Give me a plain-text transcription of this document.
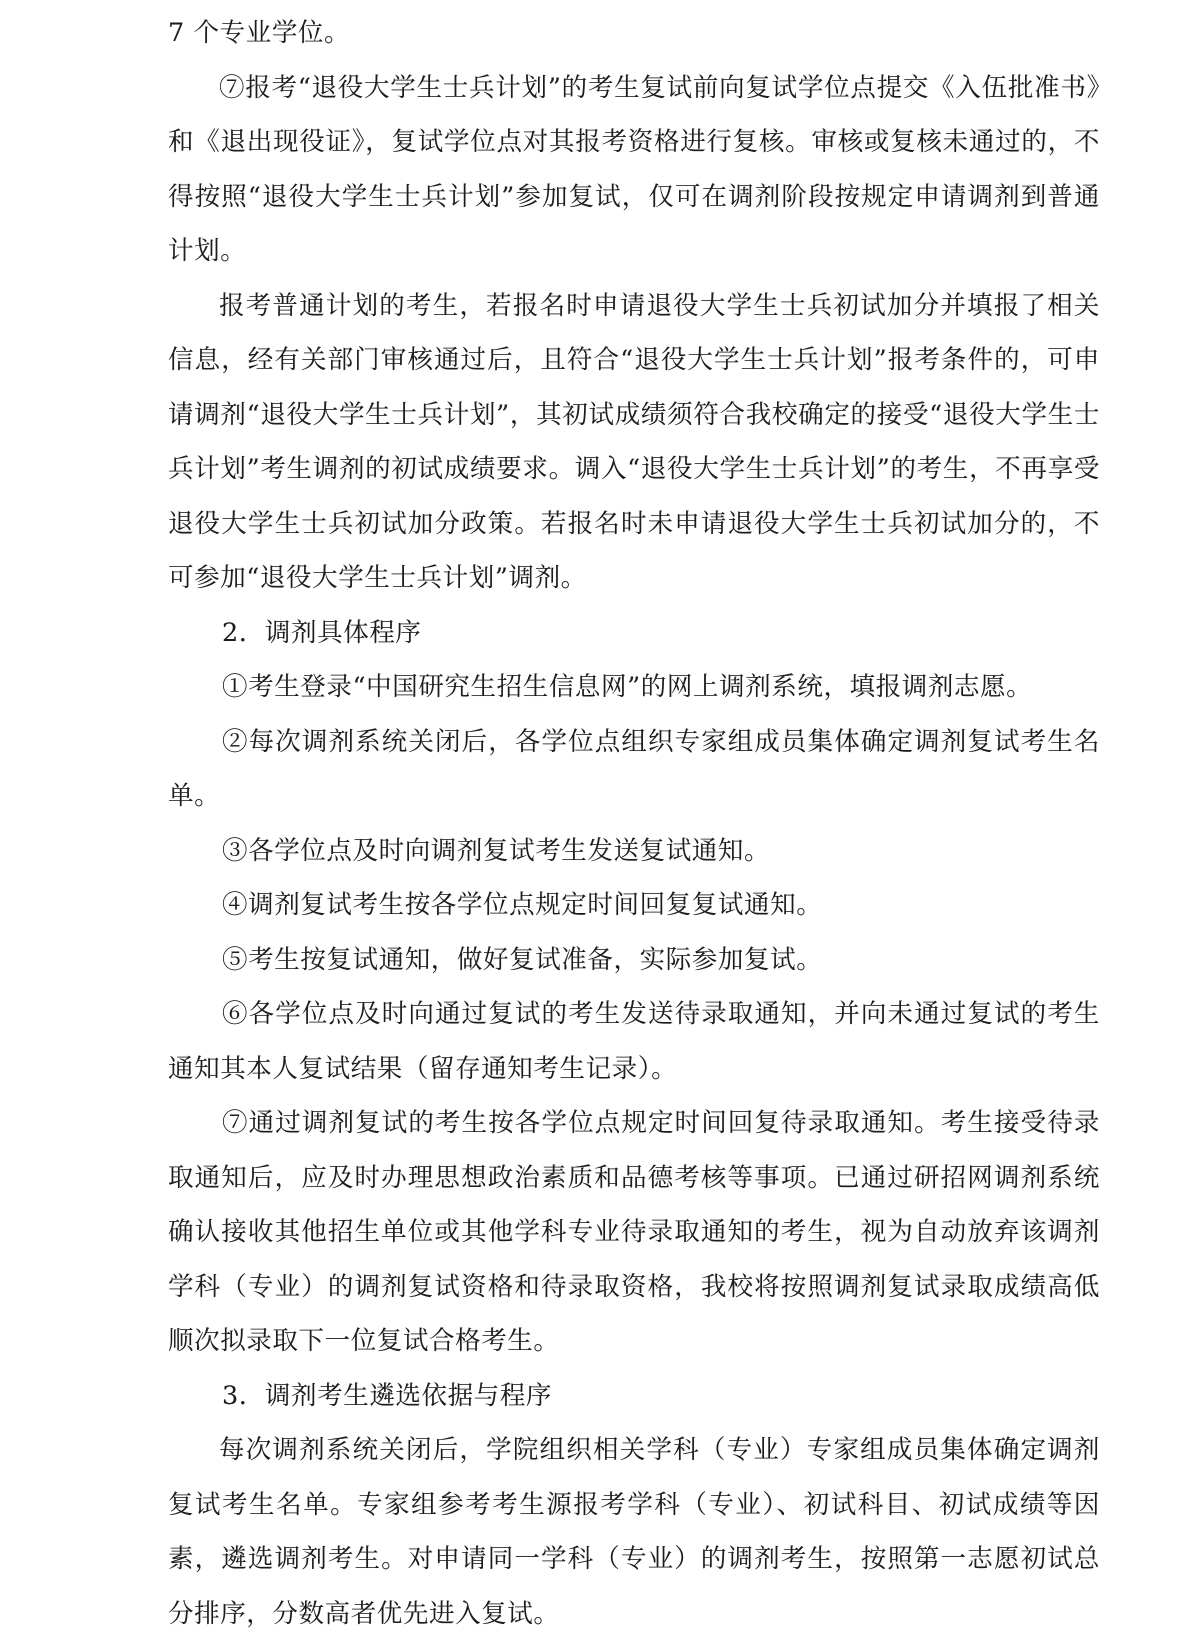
7 个专业学位。

⑦报考“退役大学生士兵计划”的考生复试前向复试学位点提交《入伍批准书》和《退出现役证》，复试学位点对其报考资格进行复核。审核或复核未通过的，不得按照“退役大学生士兵计划”参加复试，仅可在调剂阶段按规定申请调剂到普通计划。

报考普通计划的考生，若报名时申请退役大学生士兵初试加分并填报了相关信息，经有关部门审核通过后，且符合“退役大学生士兵计划”报考条件的，可申请调剂“退役大学生士兵计划”，其初试成绩须符合我校确定的接受“退役大学生士兵计划”考生调剂的初试成绩要求。调入“退役大学生士兵计划”的考生，不再享受退役大学生士兵初试加分政策。若报名时未申请退役大学生士兵初试加分的，不可参加“退役大学生士兵计划”调剂。

2．调剂具体程序

①考生登录“中国研究生招生信息网”的网上调剂系统，填报调剂志愿。

②每次调剂系统关闭后，各学位点组织专家组成员集体确定调剂复试考生名单。

③各学位点及时向调剂复试考生发送复试通知。

④调剂复试考生按各学位点规定时间回复复试通知。

⑤考生按复试通知，做好复试准备，实际参加复试。

⑥各学位点及时向通过复试的考生发送待录取通知，并向未通过复试的考生通知其本人复试结果（留存通知考生记录）。

⑦通过调剂复试的考生按各学位点规定时间回复待录取通知。考生接受待录取通知后，应及时办理思想政治素质和品德考核等事项。已通过研招网调剂系统确认接收其他招生单位或其他学科专业待录取通知的考生，视为自动放弃该调剂学科（专业）的调剂复试资格和待录取资格，我校将按照调剂复试录取成绩高低顺次拟录取下一位复试合格考生。

3．调剂考生遴选依据与程序

每次调剂系统关闭后，学院组织相关学科（专业）专家组成员集体确定调剂复试考生名单。专家组参考考生源报考学科（专业）、初试科目、初试成绩等因素，遴选调剂考生。对申请同一学科（专业）的调剂考生，按照第一志愿初试总分排序，分数高者优先进入复试。
